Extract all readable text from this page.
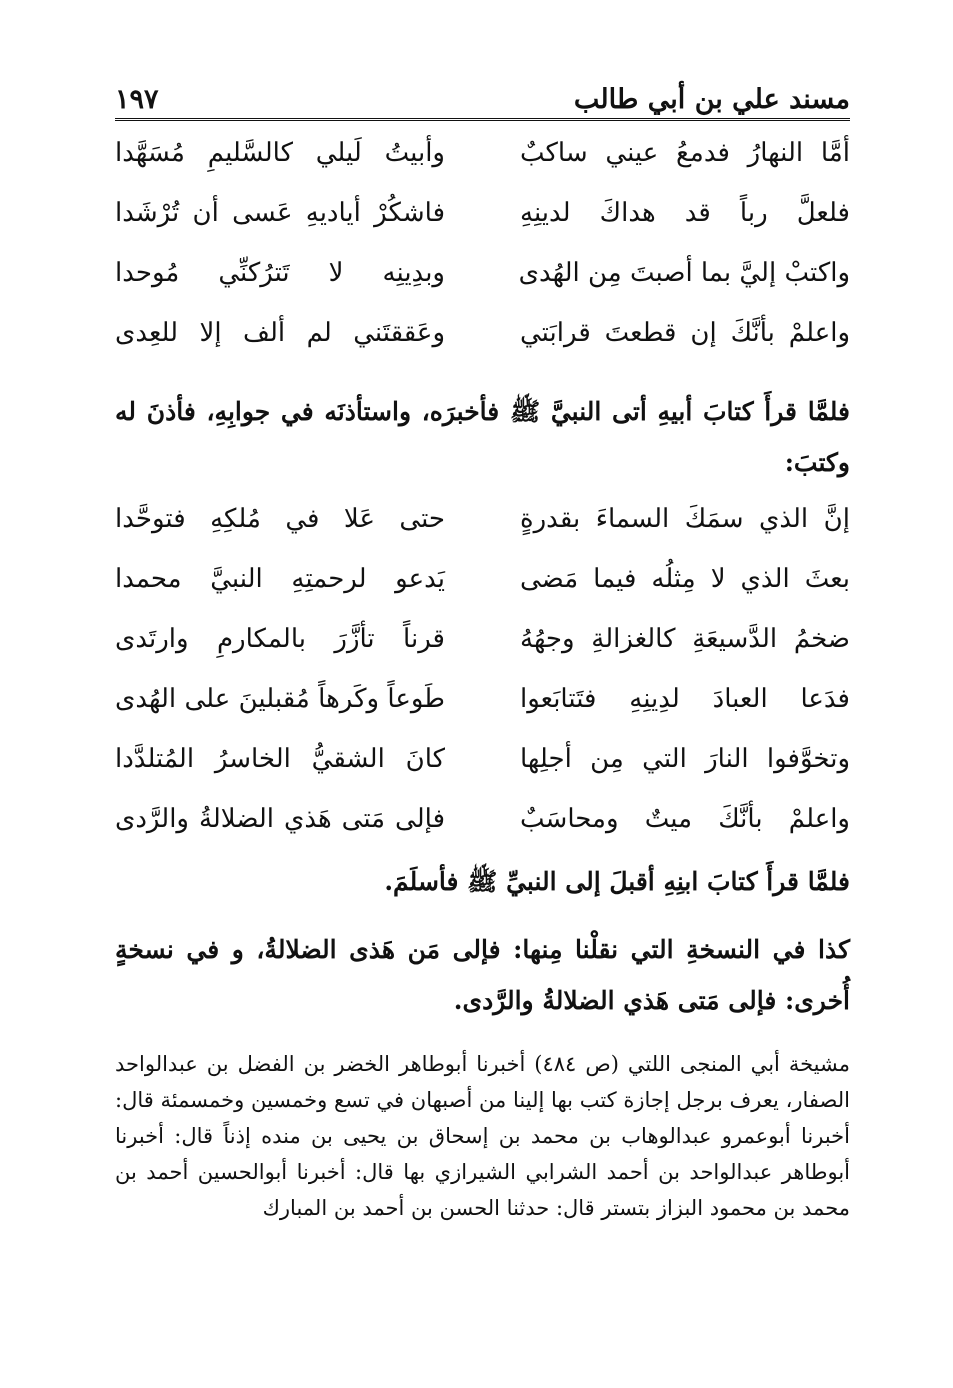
مسند علي بن أبي طالب
١٩٧
أمَّا النهارُ فدمعُ عيني ساكبٌ
وأبيتُ لَيلي كالسَّليمِ مُسَهَّدا
فلعلَّ رباً قد هداكَ لدينِهِ
فاشكُرْ أياديهِ عَسى أن تُرْشَدا
واكتبْ إليَّ بما أصبتَ مِن الهُدى
وبدِينِه لا تَترُكنِّي مُوحدا
واعلمْ بأنَّكَ إن قطعتَ قرابَتي
وعَققتَني لم ألف إلا للعِدى
فلمَّا قرأَ كتابَ أبيهِ أتى النبيَّ ﷺ فأخبرَه، واستأذنَه في جوابِهِ، فأذنَ له وكتبَ:
إنَّ الذي سمَكَ السماءَ بقدرةٍ
حتى عَلا في مُلكِهِ فتوحَّدا
بعثَ الذي لا مِثلُه فيما مَضى
يَدعو لرحمتِهِ النبيَّ محمدا
ضخمُ الدَّسيعَةِ كالغزالةِ وجهُهُ
قرناً تأزَّرَ بالمكارمِ وارتَدى
فدَعا العبادَ لدِينِهِ فتَتابَعوا
طَوعاً وكَرهاً مُقبلينَ على الهُدى
وتخوَّفوا النارَ التي مِن أجلِها
كانَ الشقيُّ الخاسرُ المُتلدَّدا
واعلمْ بأنَّكَ ميتٌ ومحاسَبٌ
فإلى مَتى هَذي الضلالةُ والرَّدى
فلمَّا قرأَ كتابَ ابنِهِ أقبلَ إلى النبيِّ ﷺ فأسلَمَ.
كذا في النسخةِ التي نقلْنا مِنها: فإلى مَن هَذى الضلالةُ، و في نسخةٍ أُخرى: فإلى مَتى هَذي الضلالةُ والرَّدى.
مشيخة أبي المنجى اللتي (ص ٤٨٤) أخبرنا أبوطاهر الخضر بن الفضل بن عبدالواحد الصفار، يعرف برجل إجازة كتب بها إلينا من أصبهان في تسع وخمسين وخمسمئة قال: أخبرنا أبوعمرو عبدالوهاب بن محمد بن إسحاق بن يحيى بن منده إذناً قال: أخبرنا أبوطاهر عبدالواحد بن أحمد الشرابي الشيرازي بها قال: أخبرنا أبوالحسين أحمد بن محمد بن محمود البزاز بتستر قال: حدثنا الحسن بن أحمد بن المبارك
